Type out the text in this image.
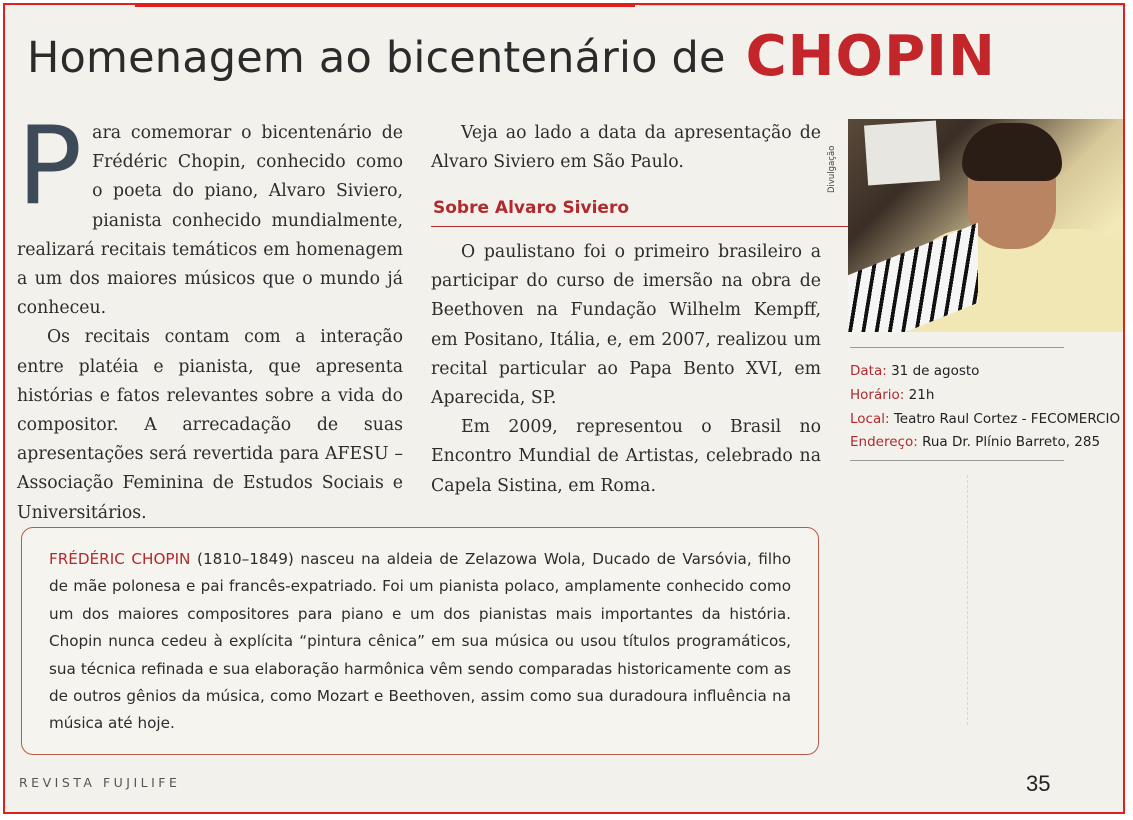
Homenagem ao bicentenário de CHOPIN
P ara comemorar o bicentenário de Frédéric Chopin, conhecido como o poeta do piano, Alvaro Siviero, pianista conhecido mundialmente, realizará recitais temáticos em homenagem a um dos maiores músicos que o mundo já conheceu.

Os recitais contam com a interação entre platéia e pianista, que apresenta histórias e fatos relevantes sobre a vida do compositor. A arrecadação de suas apresentações será revertida para AFESU – Associação Feminina de Estudos Sociais e Universitários.

Veja ao lado a data da apresentação de Alvaro Siviero em São Paulo.

Sobre Alvaro Siviero

O paulistano foi o primeiro brasileiro a participar do curso de imersão na obra de Beethoven na Fundação Wilhelm Kempff, em Positano, Itália, e, em 2007, realizou um recital particular ao Papa Bento XVI, em Aparecida, SP.

Em 2009, representou o Brasil no Encontro Mundial de Artistas, celebrado na Capela Sistina, em Roma.

Divulgação
Data: 31 de agosto
Horário: 21h
Local: Teatro Raul Cortez - FECOMERCIO
Endereço: Rua Dr. Plínio Barreto, 285
FRÉDÉRIC CHOPIN (1810–1849) nasceu na aldeia de Zelazowa Wola, Ducado de Varsóvia, filho de mãe polonesa e pai francês-expatriado. Foi um pianista polaco, amplamente conhecido como um dos maiores compositores para piano e um dos pianistas mais importantes da história. Chopin nunca cedeu à explícita “pintura cênica” em sua música ou usou títulos programáticos, sua técnica refinada e sua elaboração harmônica vêm sendo comparadas historicamente com as de outros gênios da música, como Mozart e Beethoven, assim como sua duradoura influência na música até hoje.
REVISTA FUJILIFE	35
